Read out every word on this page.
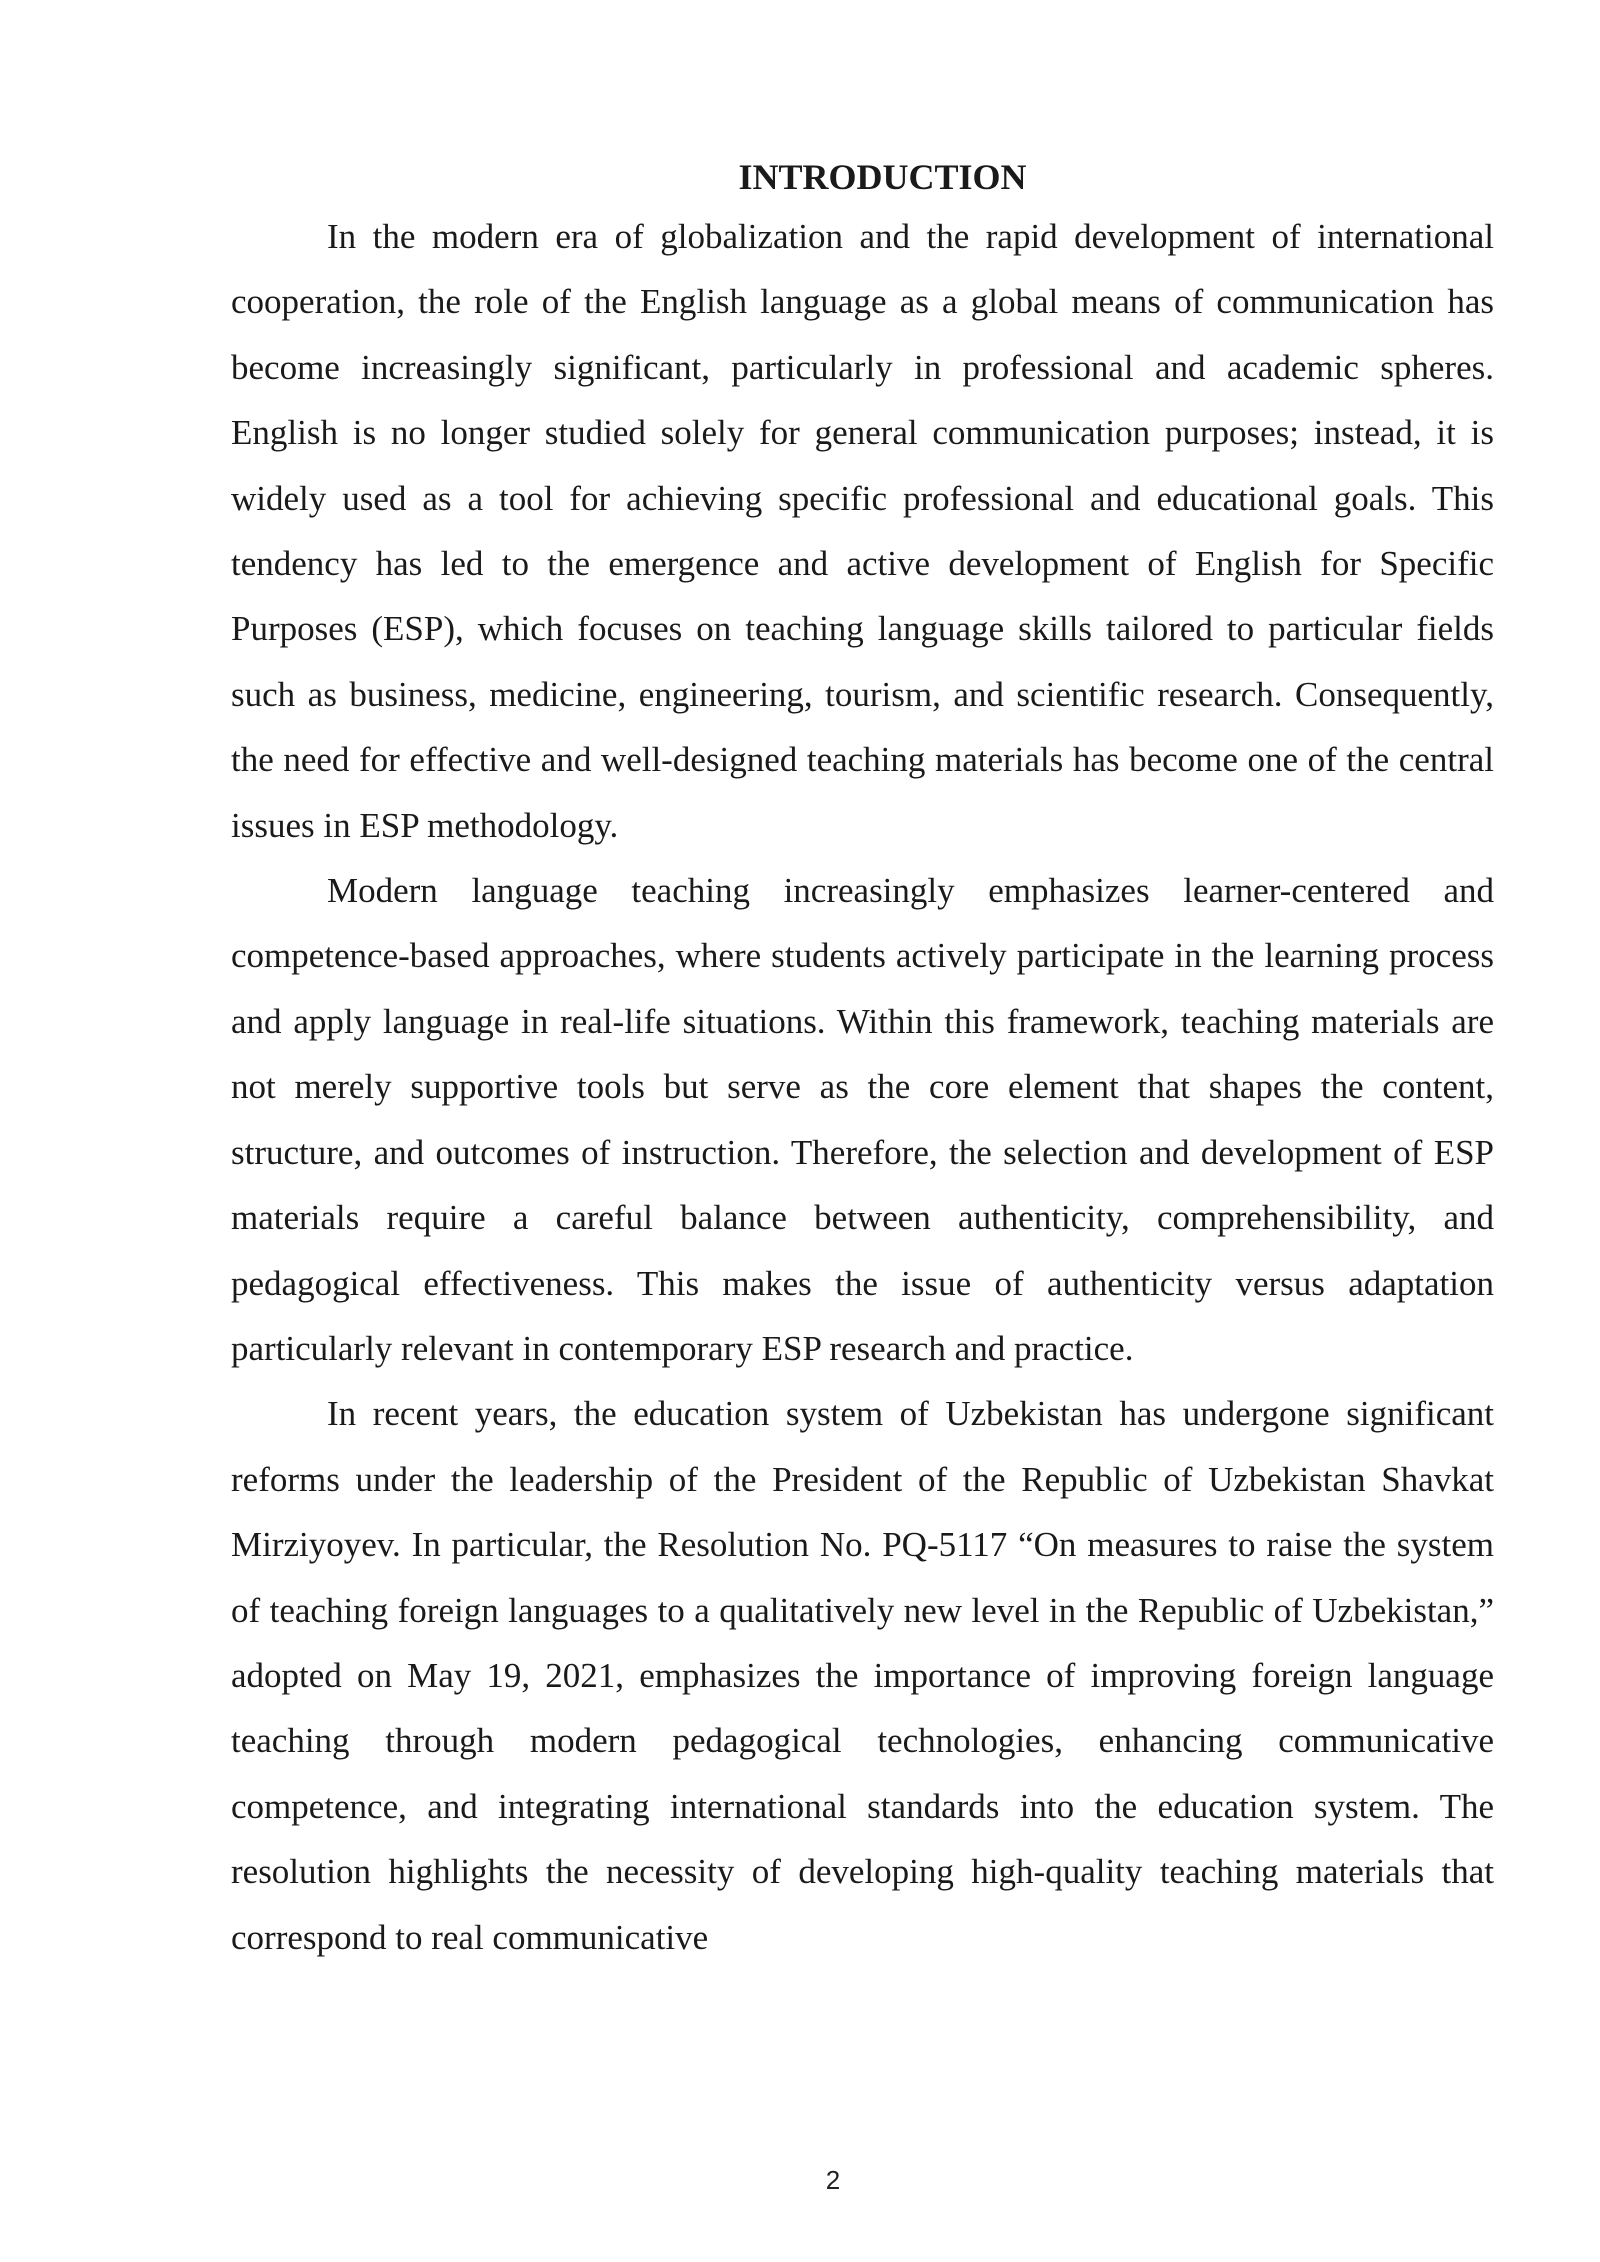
INTRODUCTION

In the modern era of globalization and the rapid development of international cooperation, the role of the English language as a global means of communication has become increasingly significant, particularly in professional and academic spheres. English is no longer studied solely for general communication purposes; instead, it is widely used as a tool for achieving specific professional and educational goals. This tendency has led to the emergence and active development of English for Specific Purposes (ESP), which focuses on teaching language skills tailored to particular fields such as business, medicine, engineering, tourism, and scientific research. Consequently, the need for effective and well-designed teaching materials has become one of the central issues in ESP methodology.

Modern language teaching increasingly emphasizes learner-centered and competence-based approaches, where students actively participate in the learning process and apply language in real-life situations. Within this framework, teaching materials are not merely supportive tools but serve as the core element that shapes the content, structure, and outcomes of instruction. Therefore, the selection and development of ESP materials require a careful balance between authenticity, comprehensibility, and pedagogical effectiveness. This makes the issue of authenticity versus adaptation particularly relevant in contemporary ESP research and practice.

In recent years, the education system of Uzbekistan has undergone significant reforms under the leadership of the President of the Republic of Uzbekistan Shavkat Mirziyoyev. In particular, the Resolution No. PQ-5117 “On measures to raise the system of teaching foreign languages to a qualitatively new level in the Republic of Uzbekistan,” adopted on May 19, 2021, emphasizes the importance of improving foreign language teaching through modern pedagogical technologies, enhancing communicative competence, and integrating international standards into the education system. The resolution highlights the necessity of developing high-quality teaching materials that correspond to real communicative

2
